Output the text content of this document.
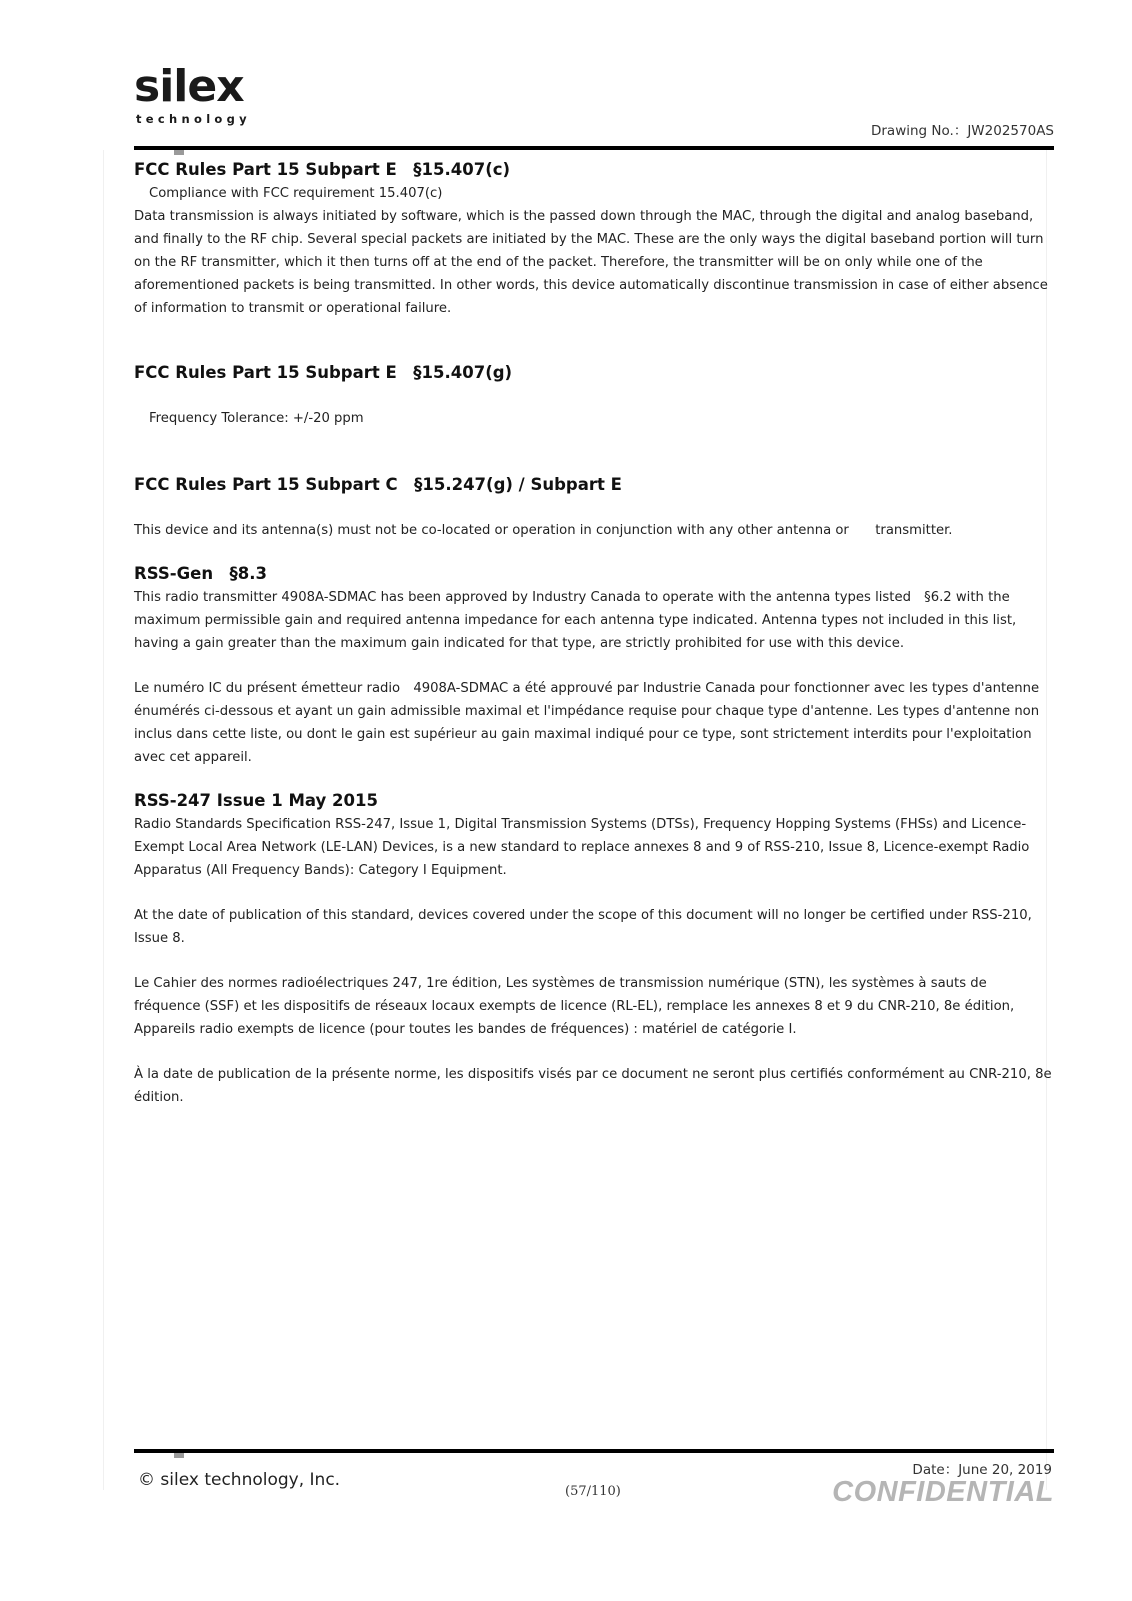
silex
technology
Drawing No.：JW202570AS
FCC Rules Part 15 Subpart E　§15.407(c)

Compliance with FCC requirement 15.407(c)

Data transmission is always initiated by software, which is the passed down through the MAC, through the digital and analog baseband, and finally to the RF chip. Several special packets are initiated by the MAC. These are the only ways the digital baseband portion will turn on the RF transmitter, which it then turns off at the end of the packet. Therefore, the transmitter will be on only while one of the aforementioned packets is being transmitted. In other words, this device automatically discontinue transmission in case of either absence of information to transmit or operational failure.

FCC Rules Part 15 Subpart E　§15.407(g)

Frequency Tolerance: +/-20 ppm

FCC Rules Part 15 Subpart C　§15.247(g) / Subpart E

This device and its antenna(s) must not be co-located or operation in conjunction with any other antenna or　　transmitter.

RSS-Gen　§8.3

This radio transmitter 4908A-SDMAC has been approved by Industry Canada to operate with the antenna types listed　§6.2 with the maximum permissible gain and required antenna impedance for each antenna type indicated. Antenna types not included in this list, having a gain greater than the maximum gain indicated for that type, are strictly prohibited for use with this device.

Le numéro IC du présent émetteur radio　4908A-SDMAC a été approuvé par Industrie Canada pour fonctionner avec les types d'antenne énumérés ci-dessous et ayant un gain admissible maximal et l'impédance requise pour chaque type d'antenne. Les types d'antenne non inclus dans cette liste, ou dont le gain est supérieur au gain maximal indiqué pour ce type, sont strictement interdits pour l'exploitation avec cet appareil.

RSS-247 Issue 1 May 2015

Radio Standards Specification RSS-247, Issue 1, Digital Transmission Systems (DTSs), Frequency Hopping Systems (FHSs) and Licence-Exempt Local Area Network (LE-LAN) Devices, is a new standard to replace annexes 8 and 9 of RSS-210, Issue 8, Licence-exempt Radio Apparatus (All Frequency Bands): Category I Equipment.

At the date of publication of this standard, devices covered under the scope of this document will no longer be certified under RSS-210, Issue 8.

Le Cahier des normes radioélectriques 247, 1re édition, Les systèmes de transmission numérique (STN), les systèmes à sauts de fréquence (SSF) et les dispositifs de réseaux locaux exempts de licence (RL-EL), remplace les annexes 8 et 9 du CNR-210, 8e édition, Appareils radio exempts de licence (pour toutes les bandes de fréquences) : matériel de catégorie I.

À la date de publication de la présente norme, les dispositifs visés par ce document ne seront plus certifiés conformément au CNR-210, 8e édition.

© silex technology, Inc.
(57/110)
Date：June 20, 2019
CONFIDENTIAL
